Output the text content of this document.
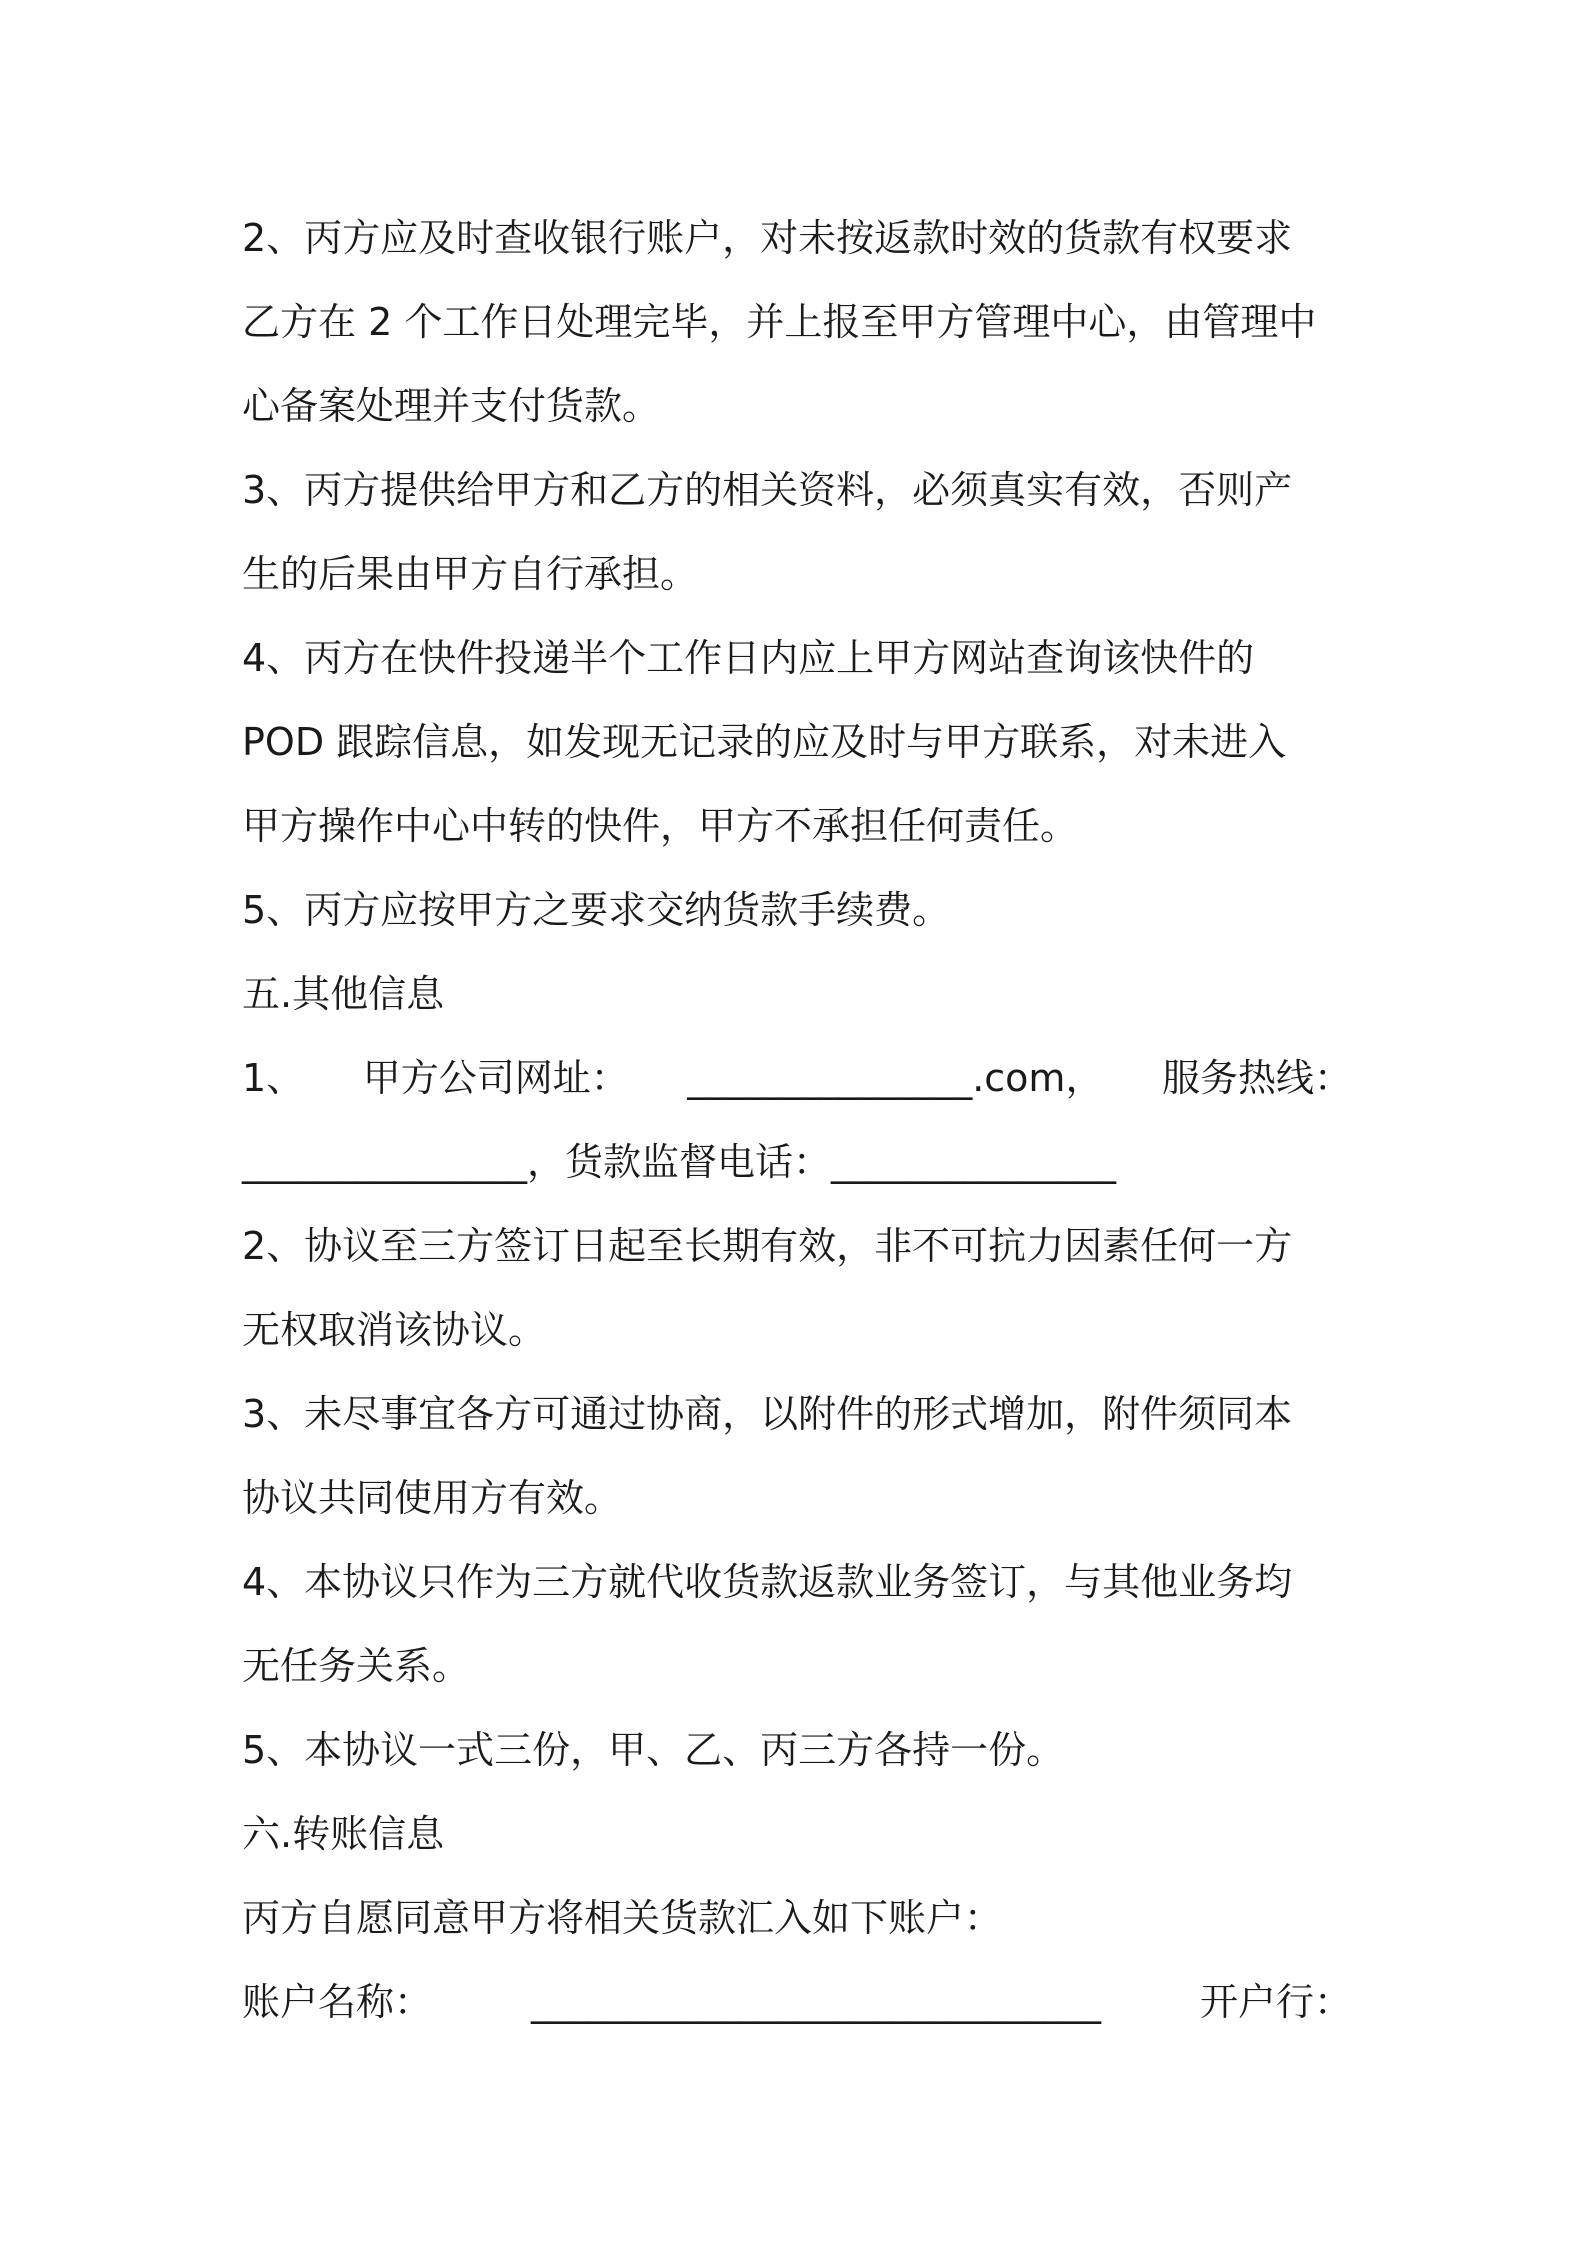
2、丙方应及时查收银行账户，对未按返款时效的货款有权要求
乙方在 2 个工作日处理完毕，并上报至甲方管理中心，由管理中
心备案处理并支付货款。
3、丙方提供给甲方和乙方的相关资料，必须真实有效，否则产
生的后果由甲方自行承担。
4、丙方在快件投递半个工作日内应上甲方网站查询该快件的
POD 跟踪信息，如发现无记录的应及时与甲方联系，对未进入
甲方操作中心中转的快件，甲方不承担任何责任。
5、丙方应按甲方之要求交纳货款手续费。
五.其他信息
1、 甲方公司网址： _______________.com， 服务热线：
_______________，货款监督电话：_______________
2、协议至三方签订日起至长期有效，非不可抗力因素任何一方
无权取消该协议。
3、未尽事宜各方可通过协商，以附件的形式增加，附件须同本
协议共同使用方有效。
4、本协议只作为三方就代收货款返款业务签订，与其他业务均
无任务关系。
5、本协议一式三份，甲、乙、丙三方各持一份。
六.转账信息
丙方自愿同意甲方将相关货款汇入如下账户：
账户名称：	______________________________	开户行：
